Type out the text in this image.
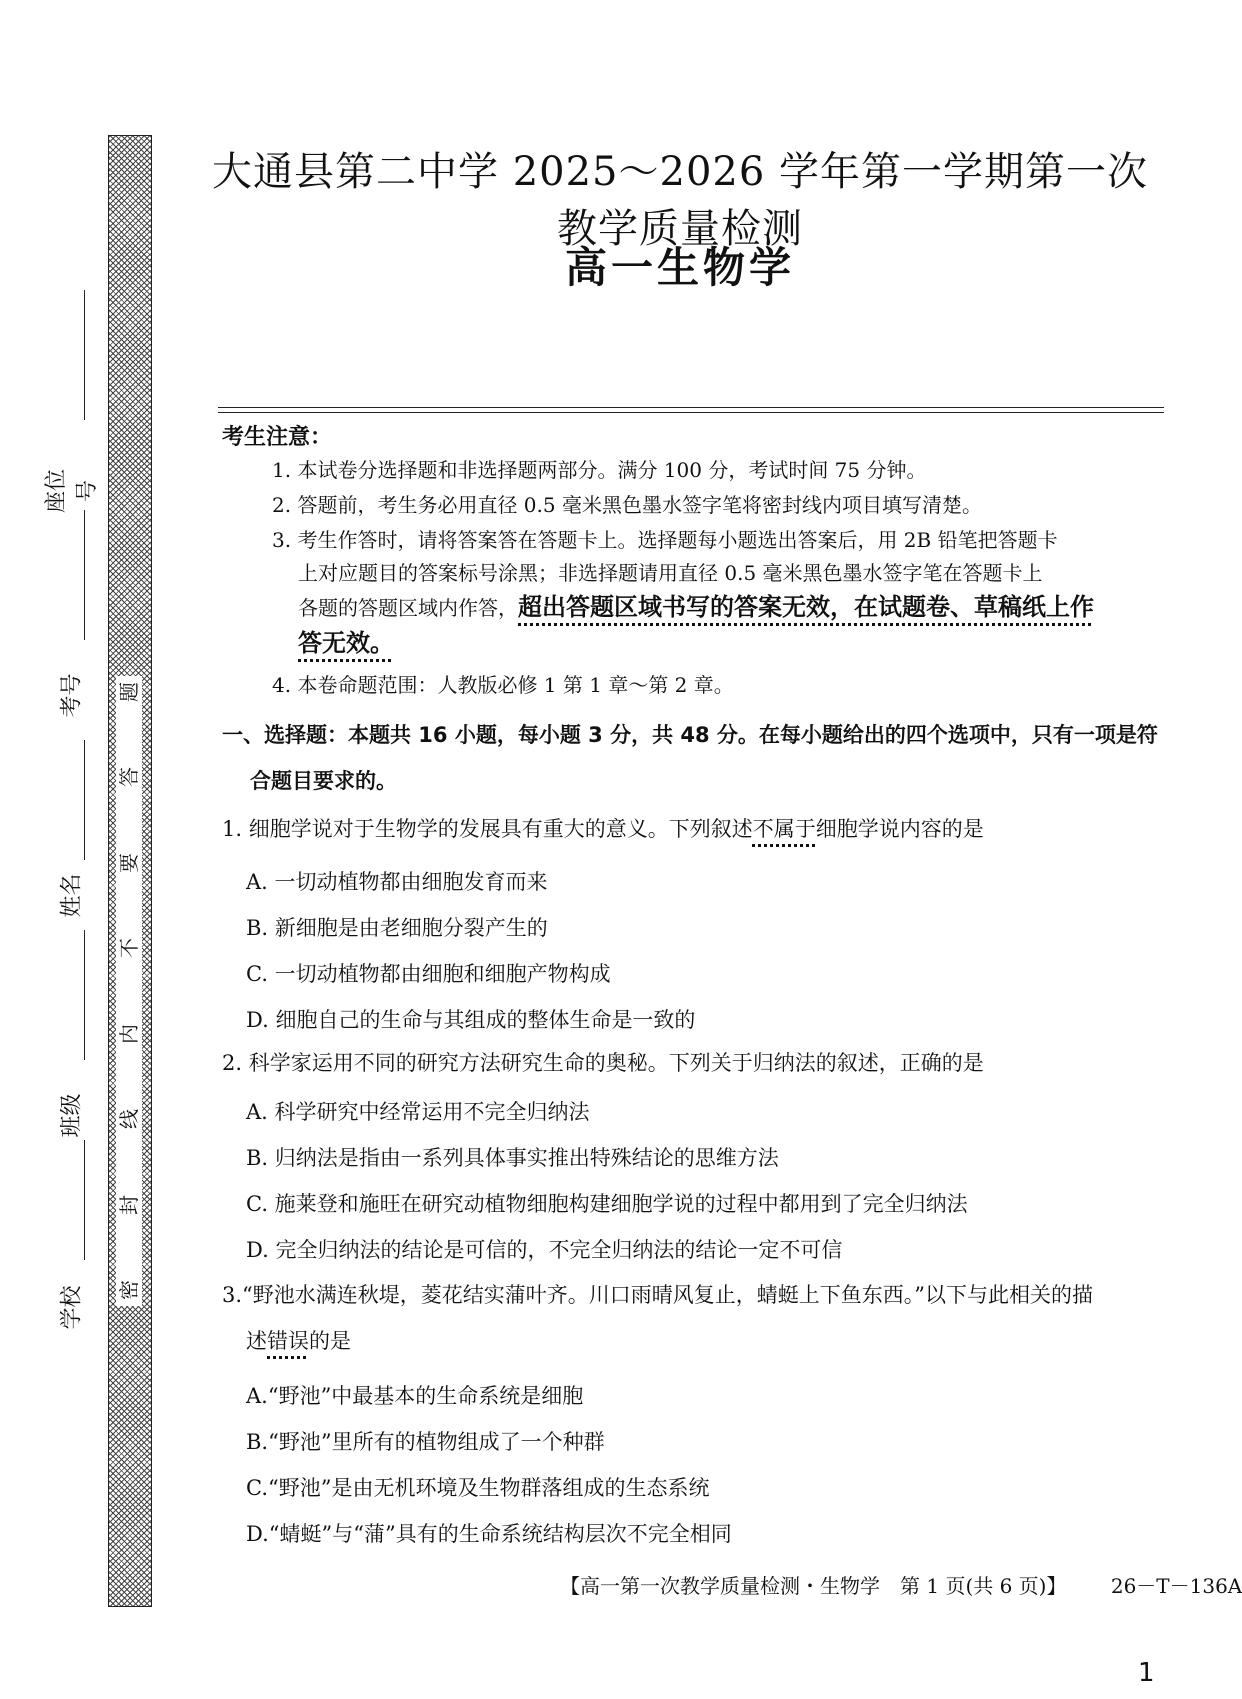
学校
班级
姓名
考号
座位号
题
答
要
不
内
线
封
密
大通县第二中学 2025～2026 学年第一学期第一次教学质量检测
高一生物学
考生注意：
1. 本试卷分选择题和非选择题两部分。满分 100 分，考试时间 75 分钟。
2. 答题前，考生务必用直径 0.5 毫米黑色墨水签字笔将密封线内项目填写清楚。
3. 考生作答时，请将答案答在答题卡上。选择题每小题选出答案后，用 2B 铅笔把答题卡
上对应题目的答案标号涂黑；非选择题请用直径 0.5 毫米黑色墨水签字笔在答题卡上
各题的答题区域内作答，超出答题区域书写的答案无效，在试题卷、草稿纸上作
答无效。
4. 本卷命题范围：人教版必修 1 第 1 章～第 2 章。
一、选择题：本题共 16 小题，每小题 3 分，共 48 分。在每小题给出的四个选项中，只有一项是符
合题目要求的。
1. 细胞学说对于生物学的发展具有重大的意义。下列叙述不属于细胞学说内容的是
A. 一切动植物都由细胞发育而来
B. 新细胞是由老细胞分裂产生的
C. 一切动植物都由细胞和细胞产物构成
D. 细胞自己的生命与其组成的整体生命是一致的
2. 科学家运用不同的研究方法研究生命的奥秘。下列关于归纳法的叙述，正确的是
A. 科学研究中经常运用不完全归纳法
B. 归纳法是指由一系列具体事实推出特殊结论的思维方法
C. 施莱登和施旺在研究动植物细胞构建细胞学说的过程中都用到了完全归纳法
D. 完全归纳法的结论是可信的，不完全归纳法的结论一定不可信
3.“野池水满连秋堤，菱花结实蒲叶齐。川口雨晴风复止，蜻蜓上下鱼东西。”以下与此相关的描
述错误的是
A.“野池”中最基本的生命系统是细胞
B.“野池”里所有的植物组成了一个种群
C.“野池”是由无机环境及生物群落组成的生态系统
D.“蜻蜓”与“蒲”具有的生命系统结构层次不完全相同
【高一第一次教学质量检测・生物学　第 1 页(共 6 页)】 26－T－136A
1
